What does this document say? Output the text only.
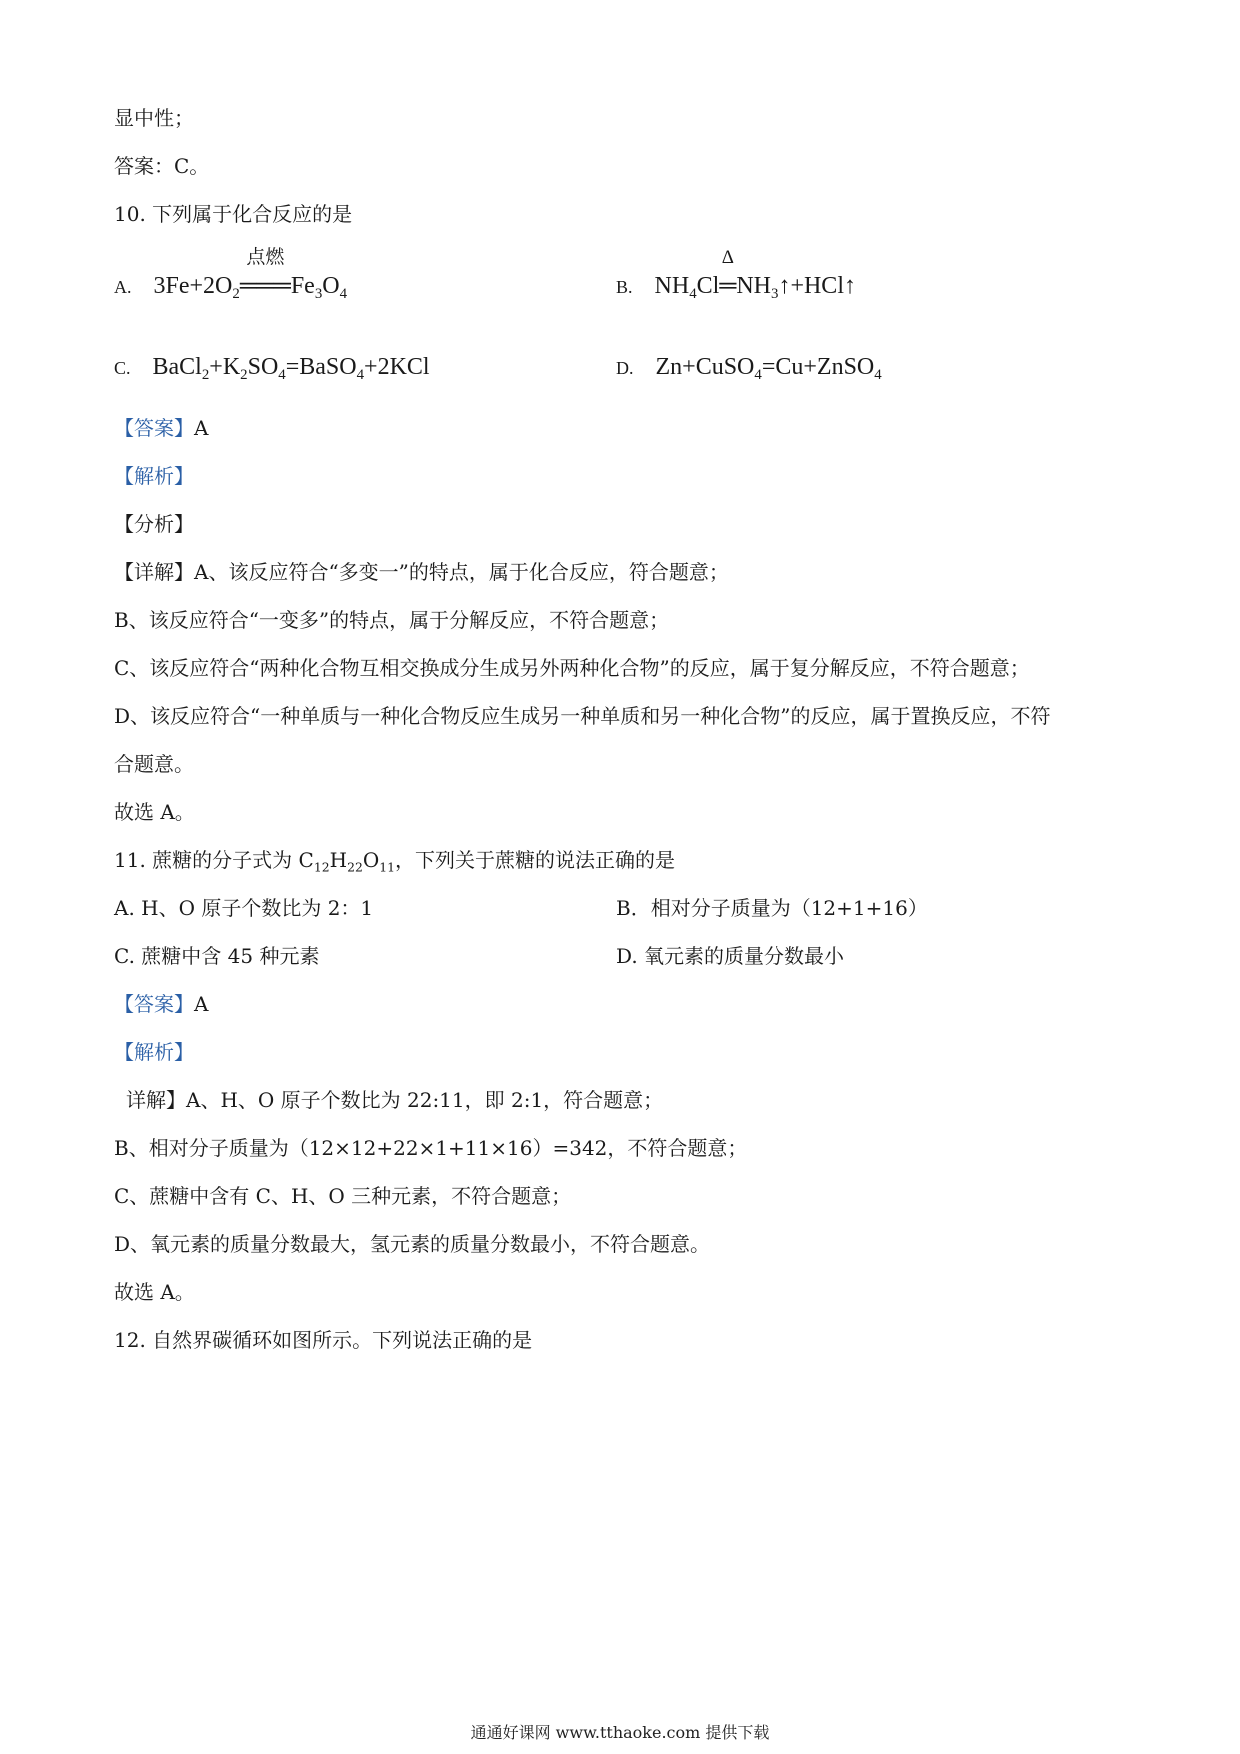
显中性；
答案：C。
10. 下列属于化合反应的是
A. $3Fe+2O_2$
点燃
$═══Fe_3O_4$	B. $NH_4Cl$
Δ
$═NH_3↑+HCl↑$
C. $BaCl_2+K_2SO_4=BaSO_4+2KCl$	D. Zn+CuSO$_4$=Cu+ZnSO$_4$
【答案】A
【解析】
【分析】
【详解】A、该反应符合“多变一”的特点，属于化合反应，符合题意；
B、该反应符合“一变多”的特点，属于分解反应，不符合题意；
C、该反应符合“两种化合物互相交换成分生成另外两种化合物”的反应，属于复分解反应，不符合题意；
D、该反应符合“一种单质与一种化合物反应生成另一种单质和另一种化合物”的反应，属于置换反应，不符
合题意。
故选 A。
11. 蔗糖的分子式为 $C_{12}H_{22}O_{11}$，下列关于蔗糖的说法正确的是
A. H、O 原子个数比为 2：1	B．相对分子质量为（12+1+16）
C. 蔗糖中含 45 种元素	D. 氧元素的质量分数最小
【答案】A
【解析】
详解】A、H、O 原子个数比为 22:11，即 2:1，符合题意；
B、相对分子质量为（12×12+22×1+11×16）=342，不符合题意；
C、蔗糖中含有 C、H、O 三种元素，不符合题意；
D、氧元素的质量分数最大，氢元素的质量分数最小，不符合题意。
故选 A。
12. 自然界碳循环如图所示。下列说法正确的是
通通好课网 www.tthaoke.com 提供下载
